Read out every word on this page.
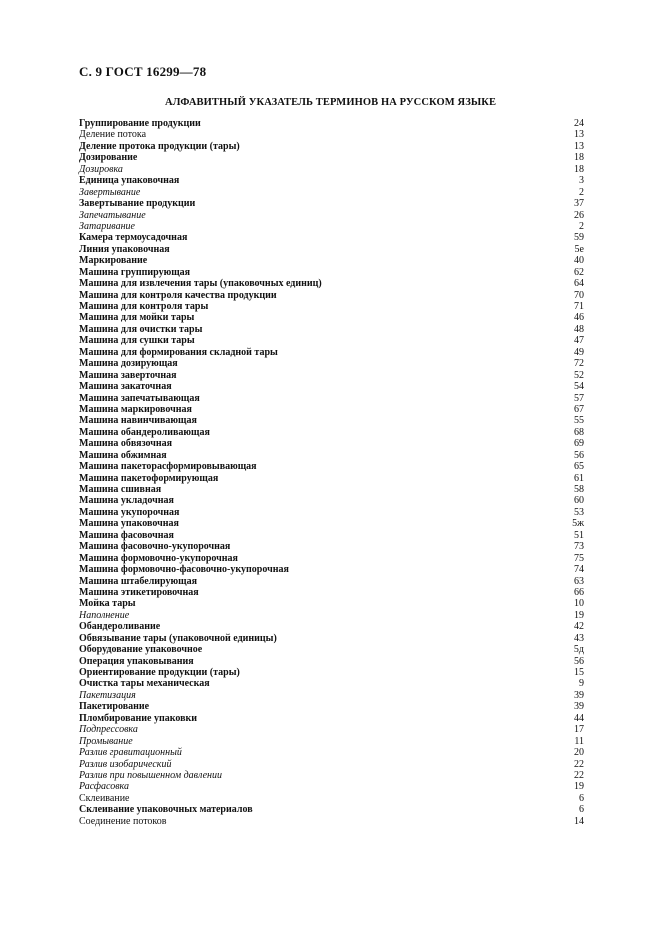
С. 9 ГОСТ 16299—78
АЛФАВИТНЫЙ УКАЗАТЕЛЬ ТЕРМИНОВ НА РУССКОМ ЯЗЫКЕ
Группирование продукции	24
Деление потока	13
Деление протока продукции (тары)	13
Дозирование	18
Дозировка	18
Единица упаковочная	3
Завертывание	2
Завертывание продукции	37
Запечатывание	26
Затаривание	2
Камера термоусадочная	59
Линия упаковочная	5е
Маркирование	40
Машина группирующая	62
Машина для извлечения тары (упаковочных единиц)	64
Машина для контроля качества продукции	70
Машина для контроля тары	71
Машина для мойки тары	46
Машина для очистки тары	48
Машина для сушки тары	47
Машина для формирования складной тары	49
Машина дозирующая	72
Машина заверточная	52
Машина закаточная	54
Машина запечатывающая	57
Машина маркировочная	67
Машина навинчивающая	55
Машина обандероливающая	68
Машина обвязочная	69
Машина обжимная	56
Машина пакеторасформировывающая	65
Машина пакетоформирующая	61
Машина сшивная	58
Машина укладочная	60
Машина укупорочная	53
Машина упаковочная	5ж
Машина фасовочная	51
Машина фасовочно-укупорочная	73
Машина формовочно-укупорочная	75
Машина формовочно-фасовочно-укупорочная	74
Машина штабелирующая	63
Машина этикетировочная	66
Мойка тары	10
Наполнение	19
Обандероливание	42
Обвязывание тары (упаковочной единицы)	43
Оборудование упаковочное	5д
Операция упаковывания	56
Ориентирование продукции (тары)	15
Очистка тары механическая	9
Пакетизация	39
Пакетирование	39
Пломбирование упаковки	44
Подпрессовка	17
Промывание	11
Разлив гравитационный	20
Разлив изобарический	22
Разлив при повышенном давлении	22
Расфасовка	19
Склеивание	6
Склеивание упаковочных материалов	6
Соединение потоков	14
